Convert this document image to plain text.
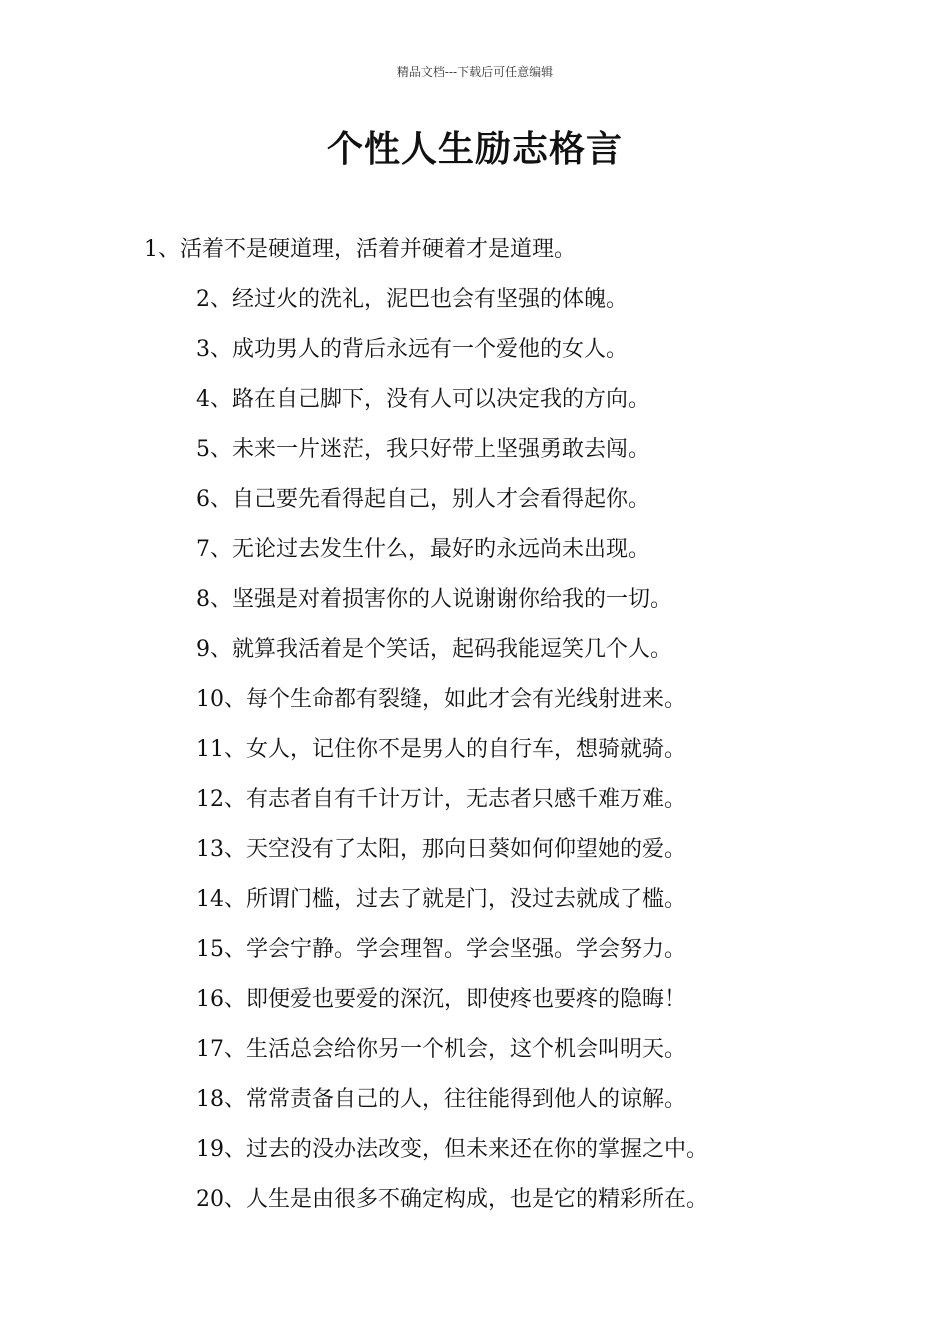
精品文档---下载后可任意编辑
个性人生励志格言
1、活着不是硬道理，活着并硬着才是道理。
2、经过火的洗礼，泥巴也会有坚强的体魄。
3、成功男人的背后永远有一个爱他的女人。
4、路在自己脚下，没有人可以决定我的方向。
5、未来一片迷茫，我只好带上坚强勇敢去闯。
6、自己要先看得起自己，别人才会看得起你。
7、无论过去发生什么，最好旳永远尚未出现。
8、坚强是对着损害你的人说谢谢你给我的一切。
9、就算我活着是个笑话，起码我能逗笑几个人。
10、每个生命都有裂缝，如此才会有光线射进来。
11、女人，记住你不是男人的自行车，想骑就骑。
12、有志者自有千计万计，无志者只感千难万难。
13、天空没有了太阳，那向日葵如何仰望她的爱。
14、所谓门槛，过去了就是门，没过去就成了槛。
15、学会宁静。学会理智。学会坚强。学会努力。
16、即便爱也要爱的深沉，即使疼也要疼的隐晦！
17、生活总会给你另一个机会，这个机会叫明天。
18、常常责备自己的人，往往能得到他人的谅解。
19、过去的没办法改变，但未来还在你的掌握之中。
20、人生是由很多不确定构成，也是它的精彩所在。
